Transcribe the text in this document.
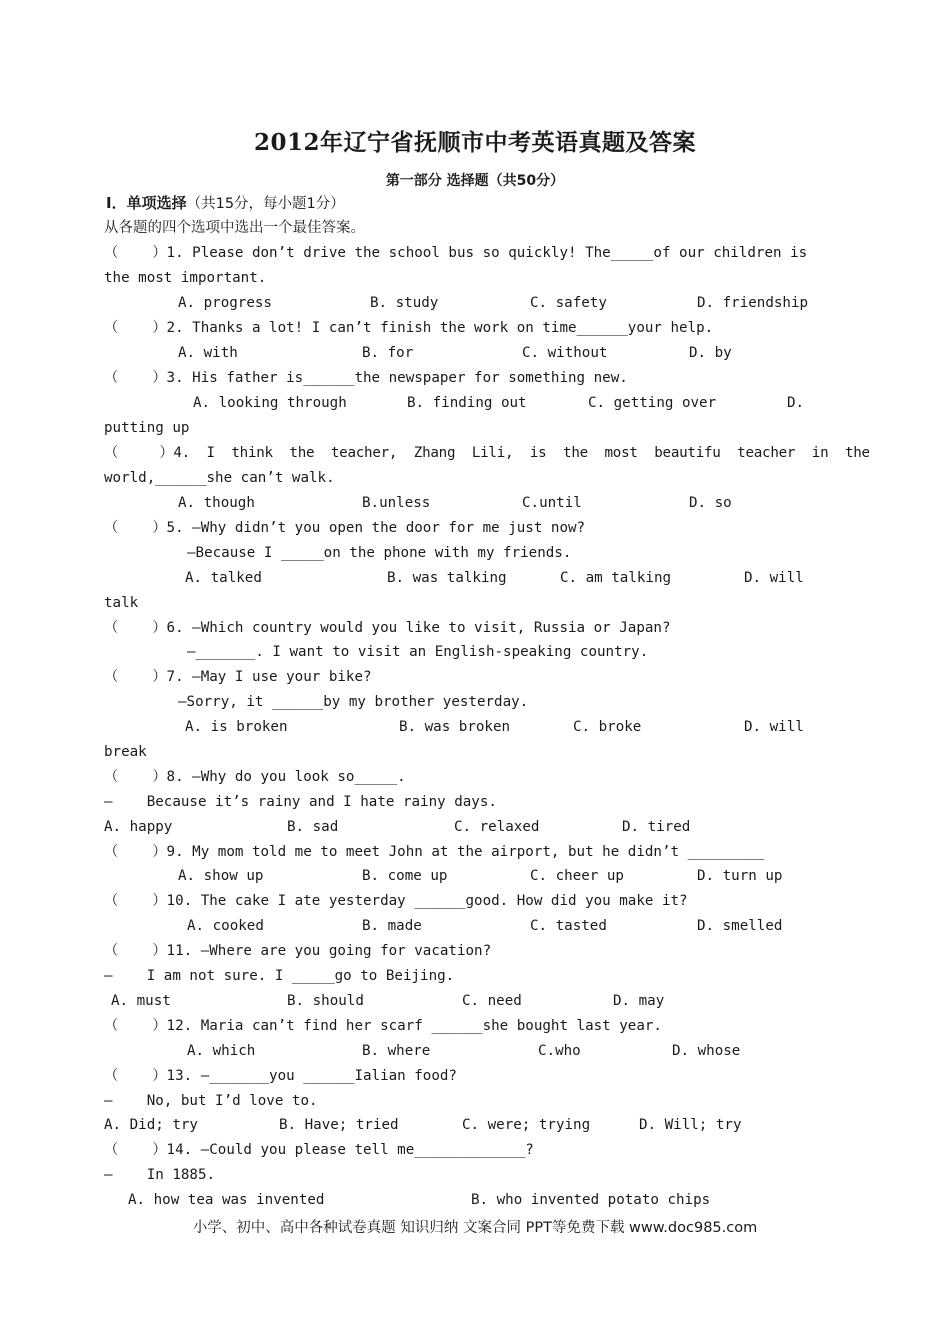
2012年辽宁省抚顺市中考英语真题及答案
第一部分 选择题（共50分）
Ⅰ．单项选择（共15分，每小题1分）
从各题的四个选项中选出一个最佳答案。
（    ）1. Please don’t drive the school bus so quickly! The_____of our children is
the most important.
A. progress	B. study	C. safety	D. friendship
（    ）2. Thanks a lot! I can’t finish the work on time______your help.
A. with	B. for	C. without	D. by
（    ）3. His father is______the newspaper for something new.
A. looking through	B. finding out	C. getting over	D.
putting up
（     ）4.  I  think  the  teacher,  Zhang  Lili,  is  the  most  beautifu  teacher  in  the
world,______she can’t walk.
A. though	B.unless	C.until	D. so
（    ）5. —Why didn’t you open the door for me just now?
—Because I _____on the phone with my friends.
A. talked	B. was talking	C. am talking	D. will
talk
（    ）6. —Which country would you like to visit, Russia or Japan?
—_______. I want to visit an English-speaking country.
（    ）7. —May I use your bike?
—Sorry, it ______by my brother yesterday.
A. is broken	B. was broken	C. broke	D. will
break
（    ）8. —Why do you look so_____.
—    Because it’s rainy and I hate rainy days.
A. happy	B. sad	C. relaxed	D. tired
（    ）9. My mom told me to meet John at the airport, but he didn’t _________
A. show up	B. come up	C. cheer up	D. turn up
（    ）10. The cake I ate yesterday ______good. How did you make it?
A. cooked	B. made	C. tasted	D. smelled
（    ）11. —Where are you going for vacation?
—    I am not sure. I _____go to Beijing.
A. must	B. should	C. need	D. may
（    ）12. Maria can’t find her scarf ______she bought last year.
A. which	B. where	C.who	D. whose
（    ）13. —_______you ______Ialian food?
—    No, but I’d love to.
A. Did; try	B. Have; tried	C. were; trying	D. Will; try
（    ）14. —Could you please tell me_____________?
—    In 1885.
A. how tea was invented	B. who invented potato chips
小学、初中、高中各种试卷真题 知识归纳 文案合同 PPT等免费下载 www.doc985.com
